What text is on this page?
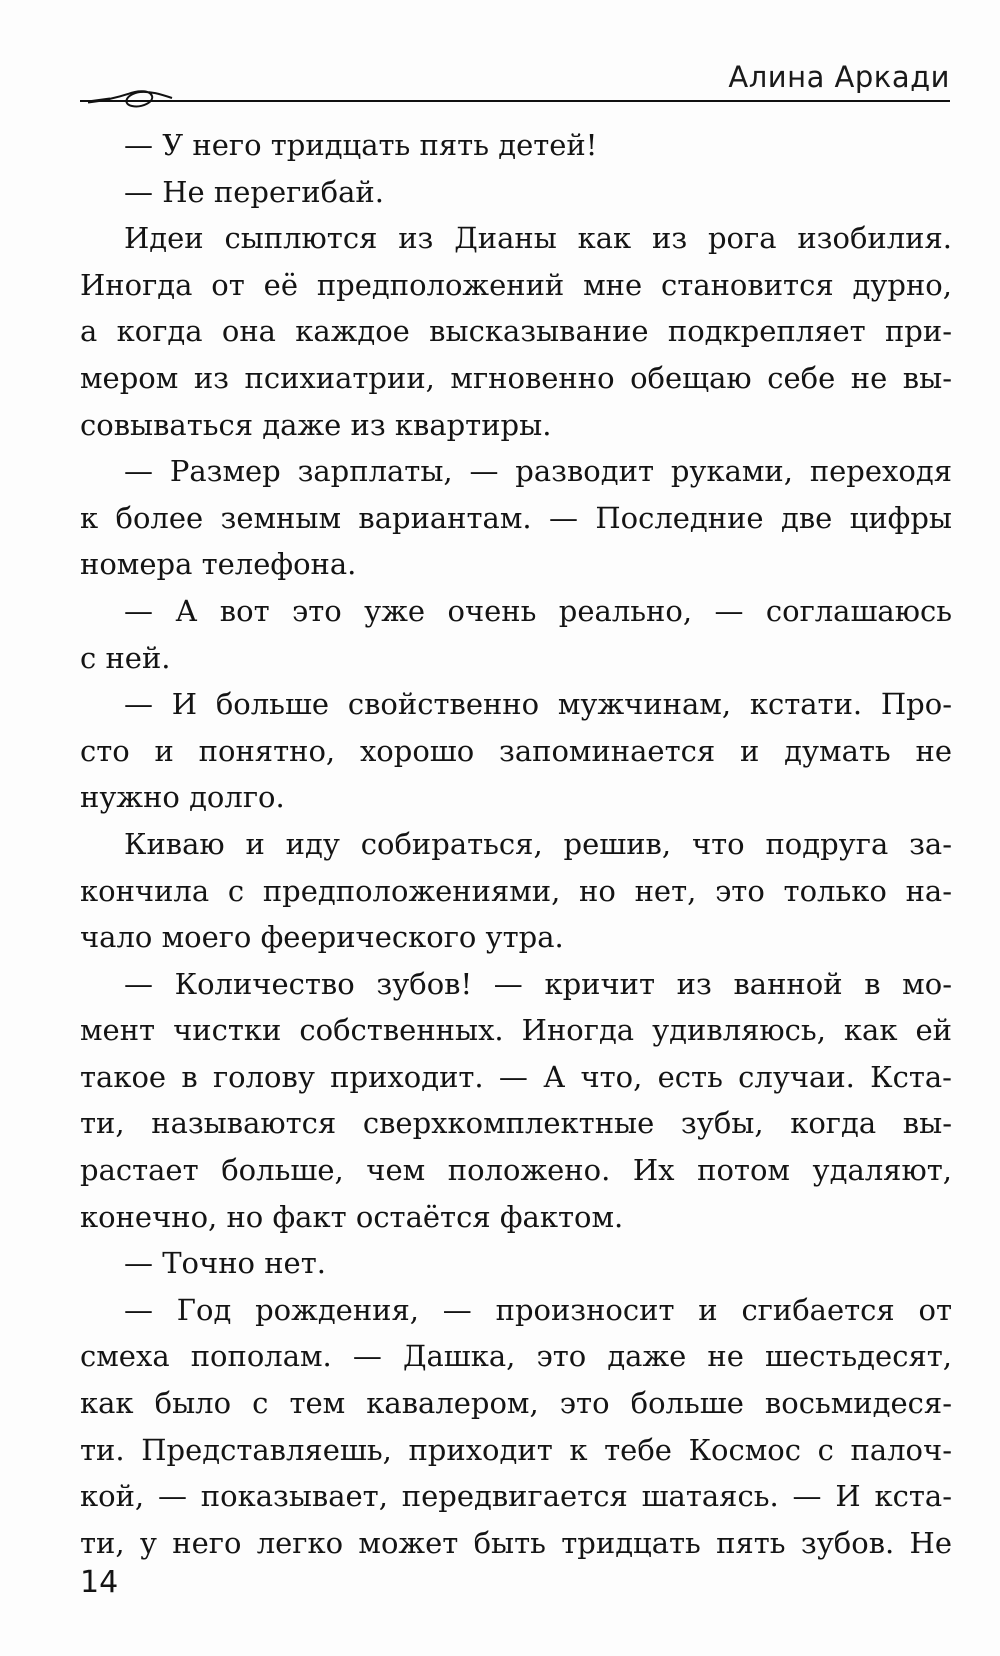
Алина Аркади
— У него тридцать пять детей!
— Не перегибай.
Идеи сыплются из Дианы как из рога изобилия.
Иногда от её предположений мне становится дурно,
а когда она каждое высказывание подкрепляет при-
мером из психиатрии, мгновенно обещаю себе не вы-
совываться даже из квартиры.
— Размер зарплаты, — разводит руками, переходя
к более земным вариантам. — Последние две цифры
номера телефона.
— А вот это уже очень реально, — соглашаюсь
с ней.
— И больше свойственно мужчинам, кстати. Про-
сто и понятно, хорошо запоминается и думать не
нужно долго.
Киваю и иду собираться, решив, что подруга за-
кончила с предположениями, но нет, это только на-
чало моего феерического утра.
— Количество зубов! — кричит из ванной в мо-
мент чистки собственных. Иногда удивляюсь, как ей
такое в голову приходит. — А что, есть случаи. Кста-
ти, называются сверхкомплектные зубы, когда вы-
растает больше, чем положено. Их потом удаляют,
конечно, но факт остаётся фактом.
— Точно нет.
— Год рождения, — произносит и сгибается от
смеха пополам. — Дашка, это даже не шестьдесят,
как было с тем кавалером, это больше восьмидеся-
ти. Представляешь, приходит к тебе Космос с палоч-
кой, — показывает, передвигается шатаясь. — И кста-
ти, у него легко может быть тридцать пять зубов. Не
14
